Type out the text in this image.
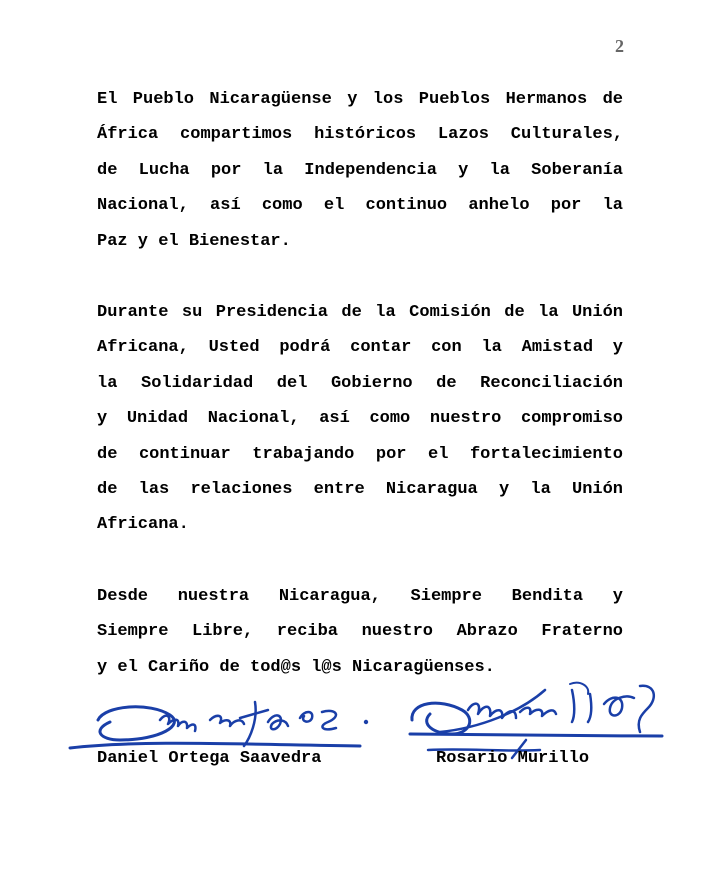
2
El Pueblo Nicaragüense y los Pueblos Hermanos de
África compartimos históricos Lazos Culturales,
de Lucha por la Independencia y la Soberanía
Nacional, así como el continuo anhelo por la
Paz y el Bienestar.
Durante su Presidencia de la Comisión de la Unión
Africana, Usted podrá contar con la Amistad y
la Solidaridad del Gobierno de Reconciliación
y Unidad Nacional, así como nuestro compromiso
de continuar trabajando por el fortalecimiento
de las relaciones entre Nicaragua y la Unión
Africana.
Desde nuestra Nicaragua, Siempre Bendita y
Siempre Libre, reciba nuestro Abrazo Fraterno
y el Cariño de tod@s l@s Nicaragüenses.
Daniel Ortega Saavedra	Rosario Murillo
